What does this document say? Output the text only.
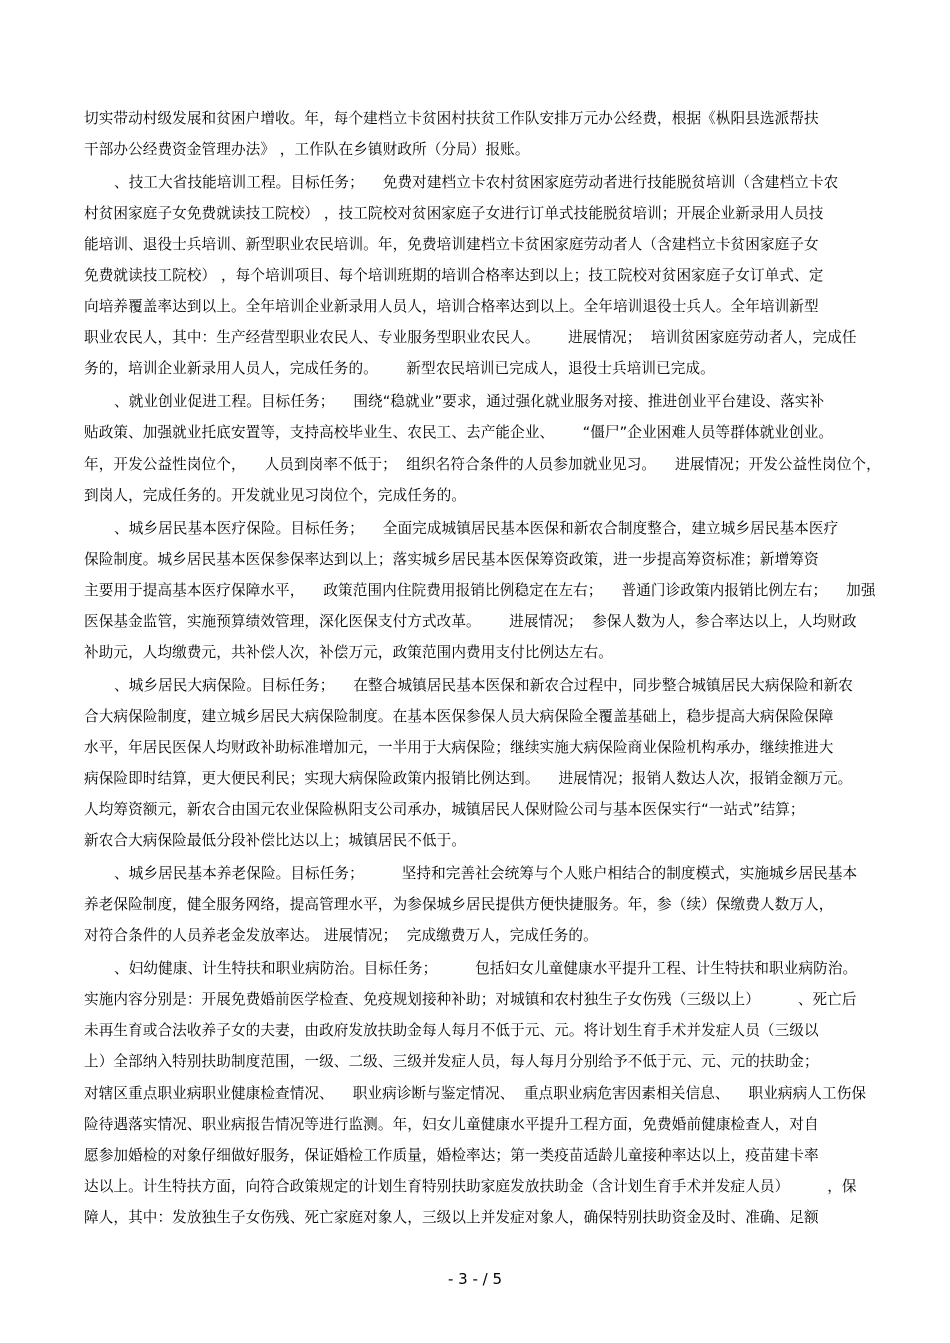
切实带动村级发展和贫困户增收。年，每个建档立卡贫困村扶贫工作队安排万元办公经费，根据《枞阳县选派帮扶
干部办公经费资金管理办法》 ，工作队在乡镇财政所（分局）报账。
、技工大省技能培训工程。目标任务；    免费对建档立卡农村贫困家庭劳动者进行技能脱贫培训（含建档立卡农
村贫困家庭子女免费就读技工院校） ，技工院校对贫困家庭子女进行订单式技能脱贫培训；开展企业新录用人员技
能培训、退役士兵培训、新型职业农民培训。年，免费培训建档立卡贫困家庭劳动者人（含建档立卡贫困家庭子女
免费就读技工院校） ，每个培训项目、每个培训班期的培训合格率达到以上；技工院校对贫困家庭子女订单式、定
向培养覆盖率达到以上。全年培训企业新录用人员人，培训合格率达到以上。全年培训退役士兵人。全年培训新型
职业农民人，其中：生产经营型职业农民人、专业服务型职业农民人。      进展情况；  培训贫困家庭劳动者人，完成任
务的，培训企业新录用人员人，完成任务的。      新型农民培训已完成人，退役士兵培训已完成。
、就业创业促进工程。目标任务；    围绕“稳就业”要求，通过强化就业服务对接、推进创业平台建设、落实补
贴政策、加强就业托底安置等，支持高校毕业生、农民工、去产能企业、      “僵尸”企业困难人员等群体就业创业。
年，开发公益性岗位个，    人员到岗率不低于；  组织名符合条件的人员参加就业见习。    进展情况；开发公益性岗位个，
到岗人，完成任务的。开发就业见习岗位个，完成任务的。
、城乡居民基本医疗保险。目标任务；    全面完成城镇居民基本医保和新农合制度整合，建立城乡居民基本医疗
保险制度。城乡居民基本医保参保率达到以上；落实城乡居民基本医保筹资政策，进一步提高筹资标准；新增筹资
主要用于提高基本医疗保障水平，    政策范围内住院费用报销比例稳定在左右；    普通门诊政策内报销比例左右；    加强
医保基金监管，实施预算绩效管理，深化医保支付方式改革。      进展情况；  参保人数为人，参合率达以上，人均财政
补助元，人均缴费元，共补偿人次，补偿万元，政策范围内费用支付比例达左右。
、城乡居民大病保险。目标任务；    在整合城镇居民基本医保和新农合过程中，同步整合城镇居民大病保险和新农
合大病保险制度，建立城乡居民大病保险制度。在基本医保参保人员大病保险全覆盖基础上，稳步提高大病保险保障
水平，年居民医保人均财政补助标准增加元，一半用于大病保险；继续实施大病保险商业保险机构承办，继续推进大
病保险即时结算，更大便民利民；实现大病保险政策内报销比例达到。    进展情况；报销人数达人次，报销金额万元。
人均筹资额元，新农合由国元农业保险枞阳支公司承办，城镇居民人保财险公司与基本医保实行“一站式”结算；
新农合大病保险最低分段补偿比达以上；城镇居民不低于。
、城乡居民基本养老保险。目标任务；        坚持和完善社会统筹与个人账户相结合的制度模式，实施城乡居民基本
养老保险制度，健全服务网络，提高管理水平，为参保城乡居民提供方便快捷服务。年，参（续）保缴费人数万人，
对符合条件的人员养老金发放率达。 进展情况；  完成缴费万人，完成任务的。
、妇幼健康、计生特扶和职业病防治。目标任务；        包括妇女儿童健康水平提升工程、计生特扶和职业病防治。
实施内容分别是：开展免费婚前医学检查、免疫规划接种补助；对城镇和农村独生子女伤残（三级以上）        、死亡后
未再生育或合法收养子女的夫妻，由政府发放扶助金每人每月不低于元、元。将计划生育手术并发症人员（三级以
上）全部纳入特别扶助制度范围，一级、二级、三级并发症人员，每人每月分别给予不低于元、元、元的扶助金；
对辖区重点职业病职业健康检查情况、    职业病诊断与鉴定情况、  重点职业病危害因素相关信息、    职业病病人工伤保
险待遇落实情况、职业病报告情况等进行监测。年，妇女儿童健康水平提升工程方面，免费婚前健康检查人，对自
愿参加婚检的对象仔细做好服务，保证婚检工作质量，婚检率达；第一类疫苗适龄儿童接种率达以上，疫苗建卡率
达以上。计生特扶方面，向符合政策规定的计划生育特别扶助家庭发放扶助金（含计划生育手术并发症人员）        ，保
障人，其中：发放独生子女伤残、死亡家庭对象人，三级以上并发症对象人，确保特别扶助资金及时、准确、足额
- 3 - / 5
